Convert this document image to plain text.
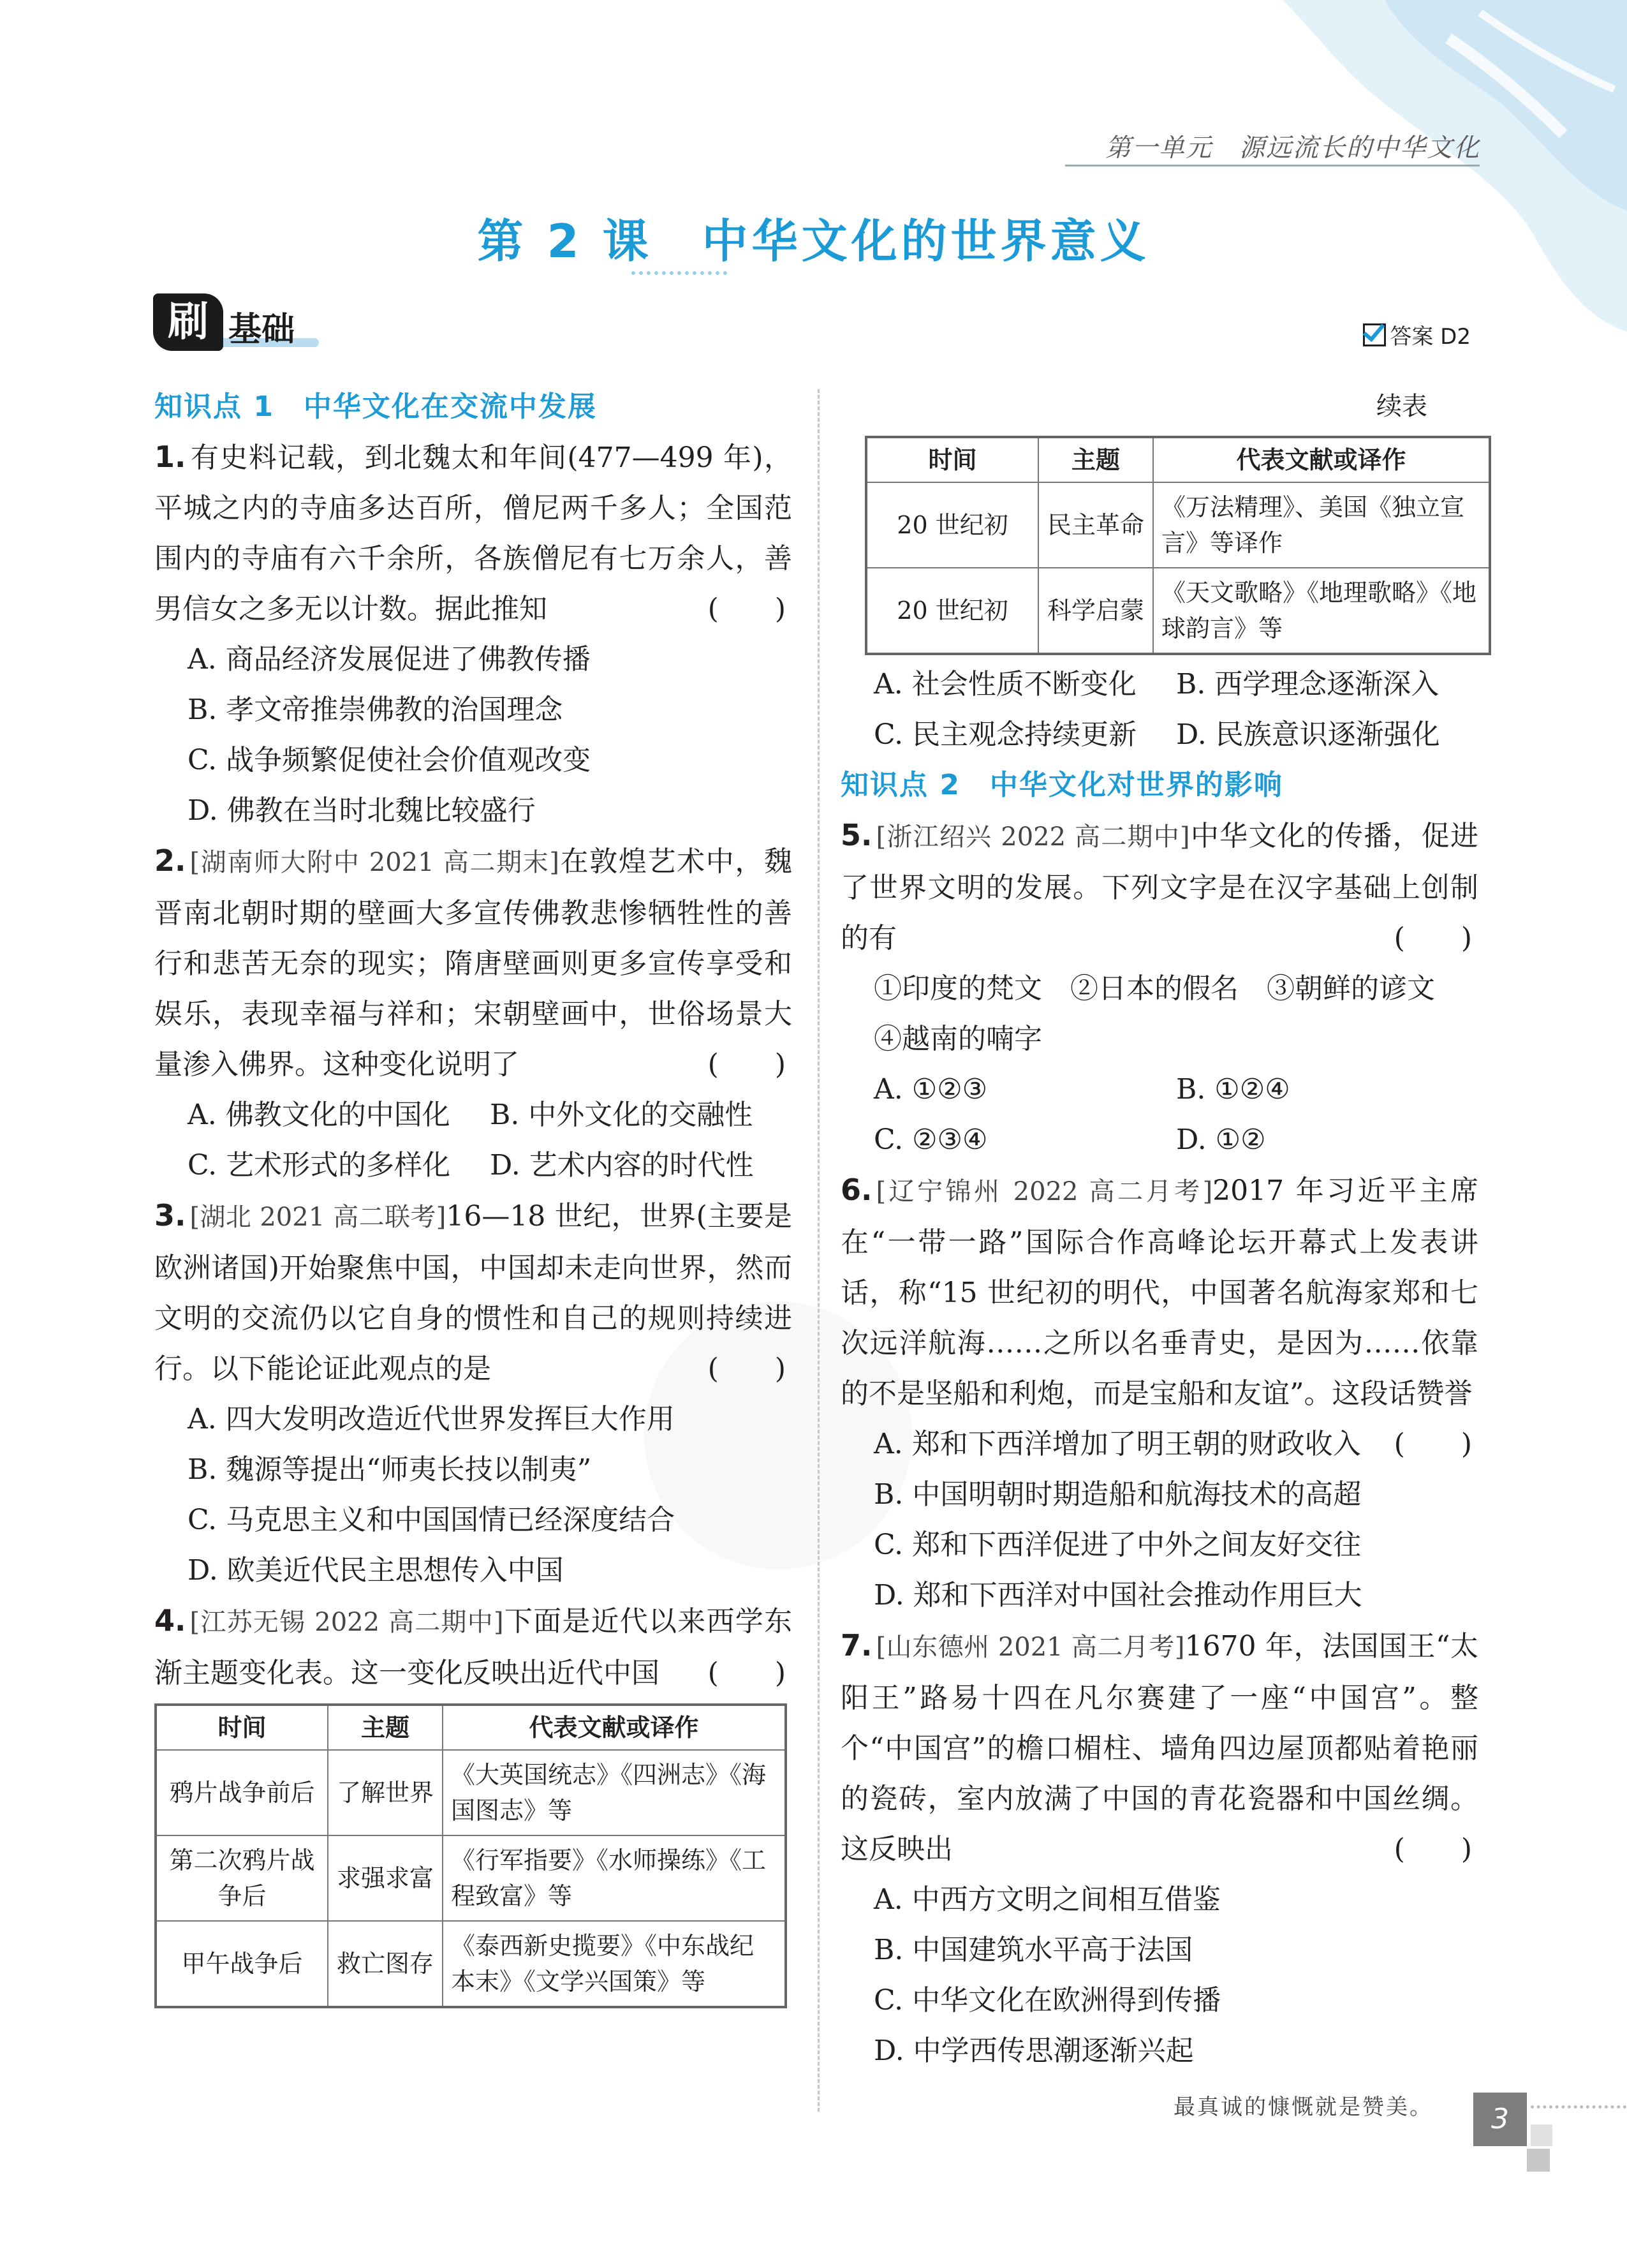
第一单元　源远流长的中华文化
第 2 课　中华文化的世界意义
刷 基础	答案 D2
知识点 1　中华文化在交流中发展
1. 有史料记载，到北魏太和年间(477—499 年)，平城之内的寺庙多达百所，僧尼两千多人；全国范围内的寺庙有六千余所，各族僧尼有七万余人，善男信女之多无以计数。据此推知	(　　)
A. 商品经济发展促进了佛教传播
B. 孝文帝推崇佛教的治国理念
C. 战争频繁促使社会价值观改变
D. 佛教在当时北魏比较盛行
2. [湖南师大附中 2021 高二期末]在敦煌艺术中，魏晋南北朝时期的壁画大多宣传佛教悲惨牺牲性的善行和悲苦无奈的现实；隋唐壁画则更多宣传享受和娱乐，表现幸福与祥和；宋朝壁画中，世俗场景大量渗入佛界。这种变化说明了	(　　)
A. 佛教文化的中国化	B. 中外文化的交融性
C. 艺术形式的多样化	D. 艺术内容的时代性
3. [湖北 2021 高二联考]16—18 世纪，世界(主要是欧洲诸国)开始聚焦中国，中国却未走向世界，然而文明的交流仍以它自身的惯性和自己的规则持续进行。以下能论证此观点的是	(　　)
A. 四大发明改造近代世界发挥巨大作用
B. 魏源等提出“师夷长技以制夷”
C. 马克思主义和中国国情已经深度结合
D. 欧美近代民主思想传入中国
4. [江苏无锡 2022 高二期中]下面是近代以来西学东渐主题变化表。这一变化反映出近代中国 (　　)
时间	主题	代表文献或译作
鸦片战争前后	了解世界	《大英国统志》《四洲志》《海国图志》等
第二次鸦片战争后	求强求富	《行军指要》《水师操练》《工程致富》等
甲午战争后	救亡图存	《泰西新史揽要》《中东战纪本末》《文学兴国策》等
续表
时间	主题	代表文献或译作
20 世纪初	民主革命	《万法精理》、美国《独立宣言》等译作
20 世纪初	科学启蒙	《天文歌略》《地理歌略》《地球韵言》等
A. 社会性质不断变化	B. 西学理念逐渐深入
C. 民主观念持续更新	D. 民族意识逐渐强化
知识点 2　中华文化对世界的影响
5. [浙江绍兴 2022 高二期中]中华文化的传播，促进了世界文明的发展。下列文字是在汉字基础上创制的有	(　　)
①印度的梵文　②日本的假名　③朝鲜的谚文　④越南的喃字
A. ①②③	B. ①②④
C. ②③④	D. ①②
6. [辽宁锦州 2022 高二月考]2017 年习近平主席在“一带一路”国际合作高峰论坛开幕式上发表讲话，称“15 世纪初的明代，中国著名航海家郑和七次远洋航海……之所以名垂青史，是因为……依靠的不是坚船和利炮，而是宝船和友谊”。这段话赞誉
(　　)
A. 郑和下西洋增加了明王朝的财政收入
B. 中国明朝时期造船和航海技术的高超
C. 郑和下西洋促进了中外之间友好交往
D. 郑和下西洋对中国社会推动作用巨大
7. [山东德州 2021 高二月考]1670 年，法国国王“太阳王”路易十四在凡尔赛建了一座“中国宫”。整个“中国宫”的檐口楣柱、墙角四边屋顶都贴着艳丽的瓷砖，室内放满了中国的青花瓷器和中国丝绸。这反映出	(　　)
A. 中西方文明之间相互借鉴
B. 中国建筑水平高于法国
C. 中华文化在欧洲得到传播
D. 中学西传思潮逐渐兴起
最真诚的慷慨就是赞美。	3
